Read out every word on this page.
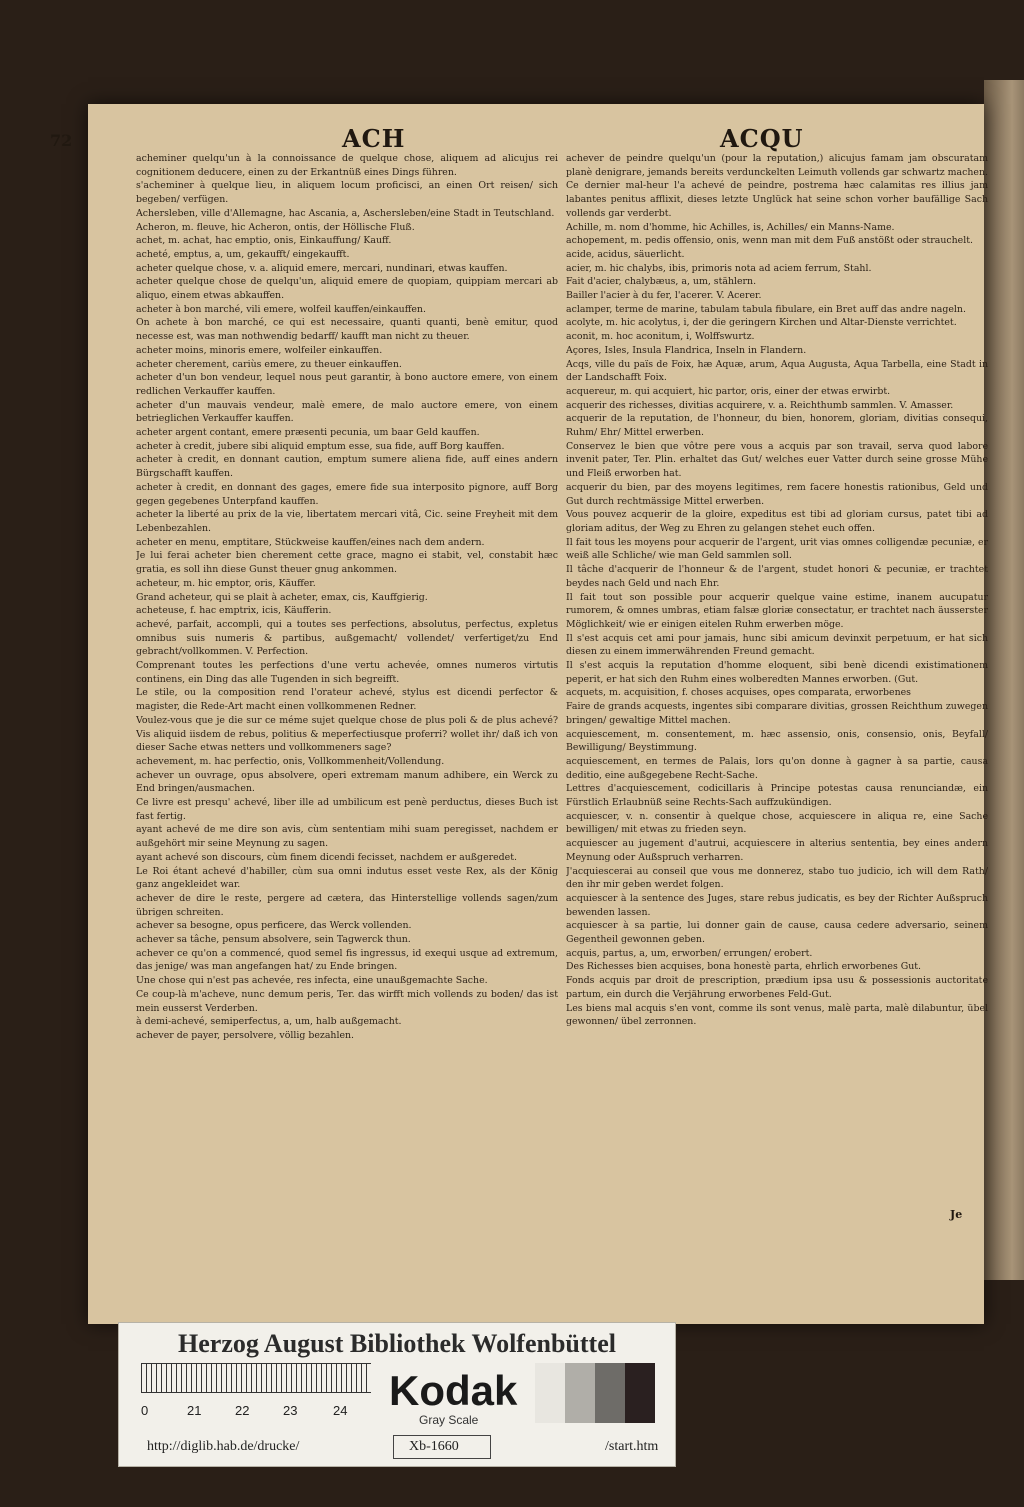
72	ACH	ACQU

acheminer quelqu'un à la connoissance de quelque chose, aliquem ad alicujus rei cognitionem deducere, einen zu der Erkantnüß eines Dings führen.

s'acheminer à quelque lieu, in aliquem locum proficisci, an einen Ort reisen/ sich begeben/ verfügen.

Achersleben, ville d'Allemagne, hac Ascania, a, Aschersleben/eine Stadt in Teutschland.

Acheron, m. fleuve, hic Acheron, ontis, der Höllische Fluß.

achet, m. achat, hac emptio, onis, Einkauffung/ Kauff.

acheté, emptus, a, um, gekaufft/ eingekaufft.

acheter quelque chose, v. a. aliquid emere, mercari, nundinari, etwas kauffen.

acheter quelque chose de quelqu'un, aliquid emere de quopiam, quippiam mercari ab aliquo, einem etwas abkauffen.

acheter à bon marché, vili emere, wolfeil kauffen/einkauffen.

On achete à bon marché, ce qui est necessaire, quanti quanti, benè emitur, quod necesse est, was man nothwendig bedarff/ kaufft man nicht zu theuer.

acheter moins, minoris emere, wolfeiler einkauffen.

acheter cherement, cariùs emere, zu theuer einkauffen.

acheter d'un bon vendeur, lequel nous peut garantir, à bono auctore emere, von einem redlichen Verkauffer kauffen.

acheter d'un mauvais vendeur, malè emere, de malo auctore emere, von einem betrieglichen Verkauffer kauffen.

acheter argent contant, emere præsenti pecunia, um baar Geld kauffen.

acheter à credit, jubere sibi aliquid emptum esse, sua fide, auff Borg kauffen.

acheter à credit, en donnant caution, emptum sumere aliena fide, auff eines andern Bürgschafft kauffen.

acheter à credit, en donnant des gages, emere fide sua interposito pignore, auff Borg gegen gegebenes Unterpfand kauffen.

acheter la liberté au prix de la vie, libertatem mercari vitâ, Cic. seine Freyheit mit dem Lebenbezahlen.

acheter en menu, emptitare, Stückweise kauffen/eines nach dem andern.

Je lui ferai acheter bien cherement cette grace, magno ei stabit, vel, constabit hæc gratia, es soll ihn diese Gunst theuer gnug ankommen.

acheteur, m. hic emptor, oris, Käuffer.

Grand acheteur, qui se plait à acheter, emax, cis, Kauffgierig.

acheteuse, f. hac emptrix, icis, Käufferin.

achevé, parfait, accompli, qui a toutes ses perfections, absolutus, perfectus, expletus omnibus suis numeris & partibus, außgemacht/ vollendet/ verfertiget/zu End gebracht/vollkommen. V. Perfection.

Comprenant toutes les perfections d'une vertu achevée, omnes numeros virtutis continens, ein Ding das alle Tugenden in sich begreifft.

Le stile, ou la composition rend l'orateur achevé, stylus est dicendi perfector & magister, die Rede-Art macht einen vollkommenen Redner.

Voulez-vous que je die sur ce méme sujet quelque chose de plus poli & de plus achevé? Vis aliquid iisdem de rebus, politius & meperfectiusque proferri? wollet ihr/ daß ich von dieser Sache etwas netters und vollkommeners sage?

achevement, m. hac perfectio, onis, Vollkommenheit/Vollendung.

achever un ouvrage, opus absolvere, operi extremam manum adhibere, ein Werck zu End bringen/ausmachen.

Ce livre est presqu' achevé, liber ille ad umbilicum est penè perductus, dieses Buch ist fast fertig.

ayant achevé de me dire son avis, cùm sententiam mihi suam peregisset, nachdem er außgehört mir seine Meynung zu sagen.

ayant achevé son discours, cùm finem dicendi fecisset, nachdem er außgeredet.

Le Roi étant achevé d'habiller, cùm sua omni indutus esset veste Rex, als der König ganz angekleidet war.

achever de dire le reste, pergere ad cætera, das Hinterstellige vollends sagen/zum übrigen schreiten.

achever sa besogne, opus perficere, das Werck vollenden.

achever sa tâche, pensum absolvere, sein Tagwerck thun.

achever ce qu'on a commencé, quod semel fis ingressus, id exequi usque ad extremum, das jenige/ was man angefangen hat/ zu Ende bringen.

Une chose qui n'est pas achevée, res infecta, eine unaußgemachte Sache.

Ce coup-là m'acheve, nunc demum peris, Ter. das wirfft mich vollends zu boden/ das ist mein eusserst Verderben.

à demi-achevé, semiperfectus, a, um, halb außgemacht.

achever de payer, persolvere, völlig bezahlen.

achever de peindre quelqu'un (pour la reputation,) alicujus famam jam obscuratam planè denigrare, jemands bereits verdunckelten Leimuth vollends gar schwartz machen.

Ce dernier mal-heur l'a achevé de peindre, postrema hæc calamitas res illius jam labantes penitus afflixit, dieses letzte Unglück hat seine schon vorher baufällige Sach vollends gar verderbt.

Achille, m. nom d'homme, hic Achilles, is, Achilles/ ein Manns-Name.

achopement, m. pedis offensio, onis, wenn man mit dem Fuß anstößt oder strauchelt.

acide, acidus, säuerlicht.

acier, m. hic chalybs, ibis, primoris nota ad aciem ferrum, Stahl.

Fait d'acier, chalybæus, a, um, stählern.

Bailler l'acier à du fer, l'acerer. V. Acerer.

aclamper, terme de marine, tabulam tabula fibulare, ein Bret auff das andre nageln.

acolyte, m. hic acolytus, i, der die geringern Kirchen und Altar-Dienste verrichtet.

aconit, m. hoc aconitum, i, Wolffswurtz.

Açores, Isles, Insula Flandrica, Inseln in Flandern.

Acqs, ville du païs de Foix, hæ Aquæ, arum, Aqua Augusta, Aqua Tarbella, eine Stadt in der Landschafft Foix.

acquereur, m. qui acquiert, hic partor, oris, einer der etwas erwirbt.

acquerir des richesses, divitias acquirere, v. a. Reichthumb sammlen. V. Amasser.

acquerir de la reputation, de l'honneur, du bien, honorem, gloriam, divitias consequi, Ruhm/ Ehr/ Mittel erwerben.

Conservez le bien que vôtre pere vous a acquis par son travail, serva quod labore invenit pater, Ter. Plin. erhaltet das Gut/ welches euer Vatter durch seine grosse Mühe und Fleiß erworben hat.

acquerir du bien, par des moyens legitimes, rem facere honestis rationibus, Geld und Gut durch rechtmässige Mittel erwerben.

Vous pouvez acquerir de la gloire, expeditus est tibi ad gloriam cursus, patet tibi ad gloriam aditus, der Weg zu Ehren zu gelangen stehet euch offen.

Il fait tous les moyens pour acquerir de l'argent, urit vias omnes colligendæ pecuniæ, er weiß alle Schliche/ wie man Geld sammlen soll.

Il tâche d'acquerir de l'honneur & de l'argent, studet honori & pecuniæ, er trachtet beydes nach Geld und nach Ehr.

Il fait tout son possible pour acquerir quelque vaine estime, inanem aucupatur rumorem, & omnes umbras, etiam falsæ gloriæ consectatur, er trachtet nach äusserster Möglichkeit/ wie er einigen eitelen Ruhm erwerben möge.

Il s'est acquis cet ami pour jamais, hunc sibi amicum devinxit perpetuum, er hat sich diesen zu einem immerwährenden Freund gemacht.

Il s'est acquis la reputation d'homme eloquent, sibi benè dicendi existimationem peperit, er hat sich den Ruhm eines wolberedten Mannes erworben. (Gut.

acquets, m. acquisition, f. choses acquises, opes comparata, erworbenes

Faire de grands acquests, ingentes sibi comparare divitias, grossen Reichthum zuwegen bringen/ gewaltige Mittel machen.

acquiescement, m. consentement, m. hæc assensio, onis, consensio, onis, Beyfall/ Bewilligung/ Beystimmung.

acquiescement, en termes de Palais, lors qu'on donne à gagner à sa partie, causa deditio, eine außgegebene Recht-Sache.

Lettres d'acquiescement, codicillaris à Principe potestas causa renunciandæ, ein Fürstlich Erlaubnüß seine Rechts-Sach auffzukündigen.

acquiescer, v. n. consentir à quelque chose, acquiescere in aliqua re, eine Sache bewilligen/ mit etwas zu frieden seyn.

acquiescer au jugement d'autrui, acquiescere in alterius sententia, bey eines andern Meynung oder Außspruch verharren.

J'acquiescerai au conseil que vous me donnerez, stabo tuo judicio, ich will dem Rath/ den ihr mir geben werdet folgen.

acquiescer à la sentence des Juges, stare rebus judicatis, es bey der Richter Außspruch bewenden lassen.

acquiescer à sa partie, lui donner gain de cause, causa cedere adversario, seinem Gegentheil gewonnen geben.

acquis, partus, a, um, erworben/ errungen/ erobert.

Des Richesses bien acquises, bona honestè parta, ehrlich erworbenes Gut.

Fonds acquis par droit de prescription, prædium ipsa usu & possessionis auctoritate partum, ein durch die Verjährung erworbenes Feld-Gut.

Les biens mal acquis s'en vont, comme ils sont venus, malè parta, malè dilabuntur, übel gewonnen/ übel zerronnen.

Je
Herzog August Bibliothek Wolfenbüttel
0	21	22	23	24 Kodak
Gray Scale
http://diglib.hab.de/drucke/	Xb-1660	/start.htm
